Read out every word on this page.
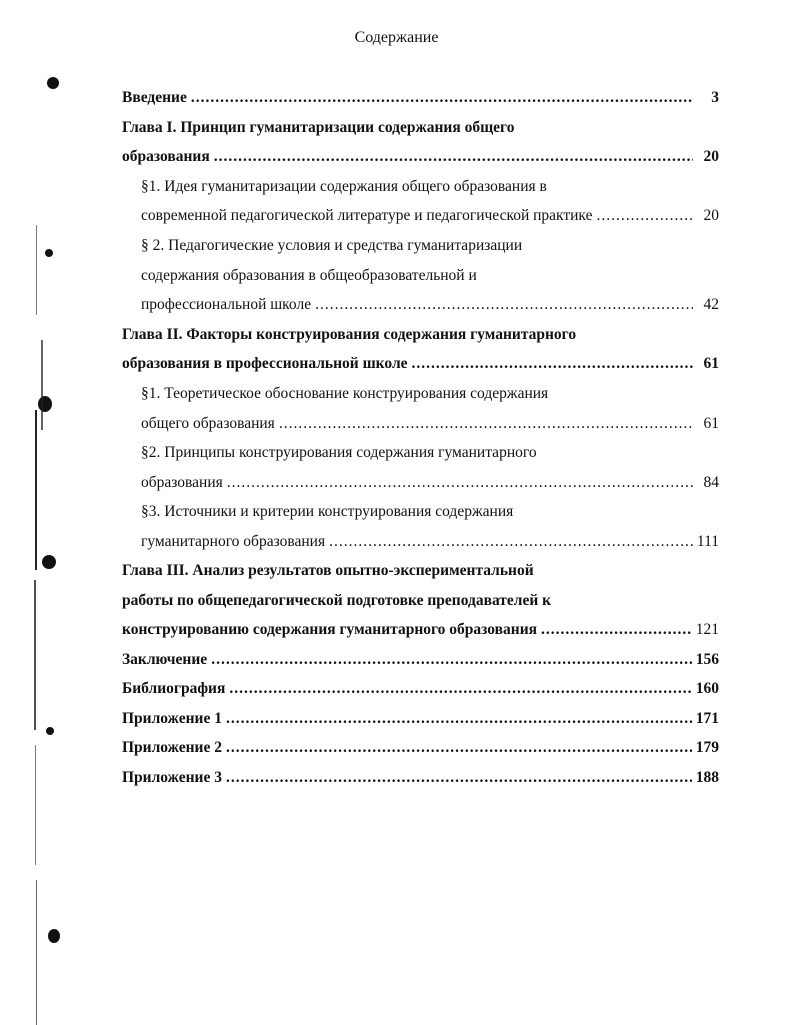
Содержание
Введение .....	3
Глава I. Принцип гуманитаризации содержания общего
образования .....	20
§1. Идея гуманитаризации содержания общего образования в
современной педагогической литературе и педагогической практике .....	20
§ 2. Педагогические условия и средства гуманитаризации
содержания образования в общеобразовательной и
профессиональной школе .....	42
Глава II. Факторы конструирования содержания гуманитарного
образования в профессиональной школе .....	61
§1. Теоретическое обоснование конструирования содержания
общего образования .....	61
§2. Принципы конструирования содержания гуманитарного
образования .....	84
§3. Источники и критерии конструирования содержания
гуманитарного образования .....	111
Глава III. Анализ результатов опытно-экспериментальной
работы по общепедагогической подготовке преподавателей к
конструированию содержания гуманитарного образования .....	121
Заключение .....	156
Библиография .....	160
Приложение 1 .....	171
Приложение 2 .....	179
Приложение 3 .....	188
